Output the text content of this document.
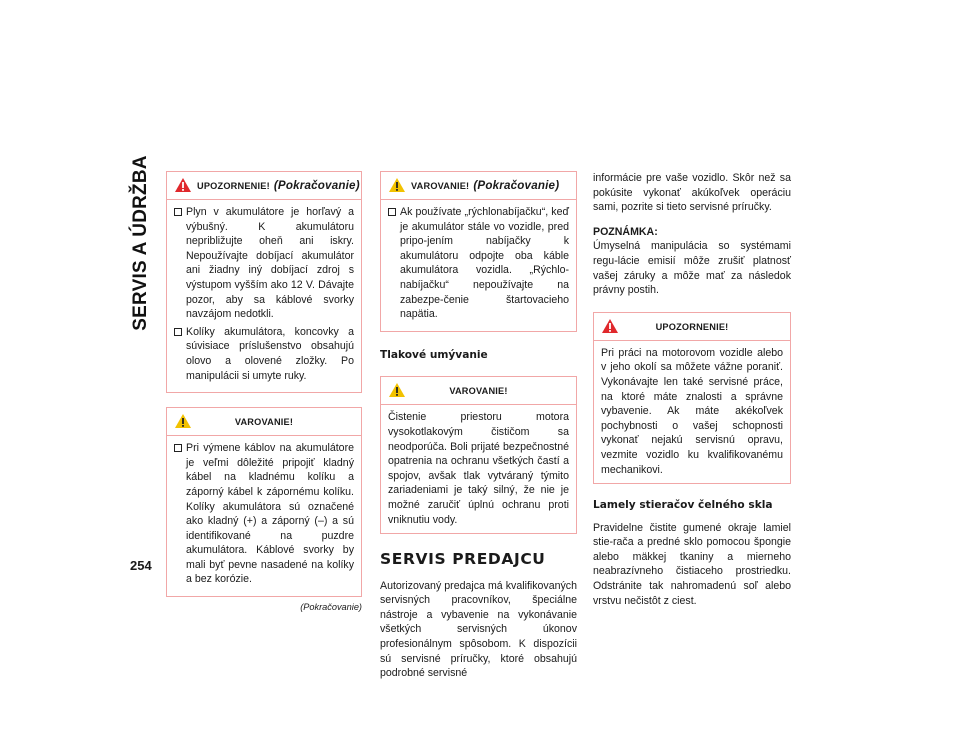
SERVIS A ÚDRŽBA	UPOZORNENIE! (Pokračovanie)
Plyn v akumulátore je horľavý a výbušný. K akumulátoru nepribližujte oheň ani iskry. Nepoužívajte dobíjací akumulátor ani žiadny iný dobíjací zdroj s výstupom vyšším ako 12 V. Dávajte pozor, aby sa káblové svorky navzájom nedotkli.
Kolíky akumulátora, koncovky a súvisiace príslušenstvo obsahujú olovo a olovené zložky. Po manipulácii si umyte ruky.
VAROVANIE!
Pri výmene káblov na akumulátore je veľmi dôležité pripojiť kladný kábel na kladnému kolíku a záporný kábel k zápornému kolíku. Kolíky akumulátora sú označené ako kladný (+) a záporný (–) a sú identifikované na puzdre akumulátora. Káblové svorky by mali byť pevne nasadené na kolíky a bez korózie.
(Pokračovanie)
VAROVANIE! (Pokračovanie)
Ak používate „rýchlonabíjačku“, keď je akumulátor stále vo vozidle, pred pripo-jením nabíjačky k akumulátoru odpojte oba káble akumulátora vozidla. „Rýchlo-nabíjačku“ nepoužívajte na zabezpe-čenie štartovacieho napätia.
Tlakové umývanie
VAROVANIE!

Čistenie priestoru motora vysokotlakovým čističom sa neodporúča. Boli prijaté bezpečnostné opatrenia na ochranu všetkých častí a spojov, avšak tlak vytváraný týmito zariadeniami je taký silný, že nie je možné zaručiť úplnú ochranu proti vniknutiu vody.

SERVIS PREDAJCU

Autorizovaný predajca má kvalifikovaných servisných pracovníkov, špeciálne nástroje a vybavenie na vykonávanie všetkých servisných úkonov profesionálnym spôsobom. K dispozícii sú servisné príručky, ktoré obsahujú podrobné servisné

informácie pre vaše vozidlo. Skôr než sa pokúsite vykonať akúkoľvek operáciu sami, pozrite si tieto servisné príručky.

POZNÁMKA:

Úmyselná manipulácia so systémami regu-lácie emisií môže zrušiť platnosť vašej záruky a môže mať za následok právny postih.

UPOZORNENIE!

Pri práci na motorovom vozidle alebo v jeho okolí sa môžete vážne poraniť. Vykonávajte len také servisné práce, na ktoré máte znalosti a správne vybavenie. Ak máte akékoľvek pochybnosti o vašej schopnosti vykonať nejakú servisnú opravu, vezmite vozidlo ku kvalifikovanému mechanikovi.

Lamely stieračov čelného skla

Pravidelne čistite gumené okraje lamiel stie-rača a predné sklo pomocou špongie alebo mäkkej tkaniny a mierneho neabrazívneho čistiaceho prostriedku. Odstránite tak nahromadenú soľ alebo vrstvu nečistôt z ciest.

254
